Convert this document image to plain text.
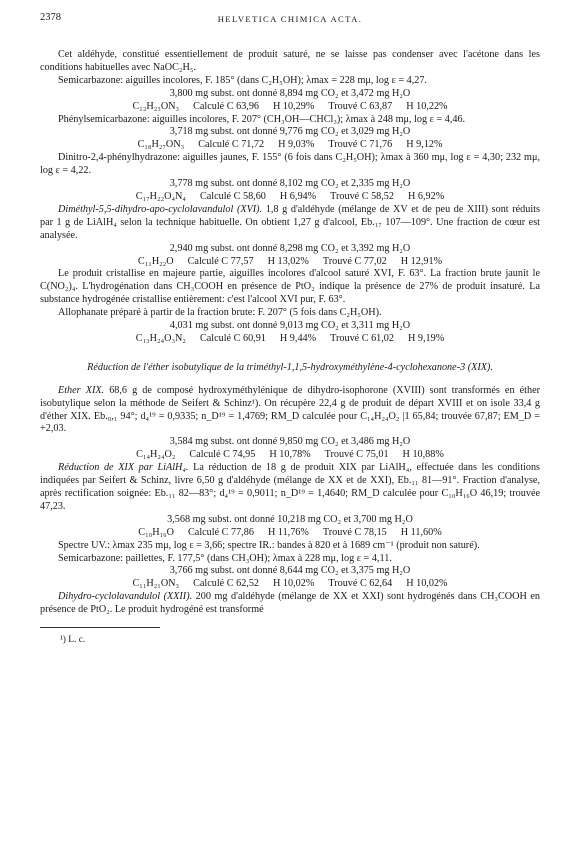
2378	HELVETICA CHIMICA ACTA.

Cet aldéhyde, constitué essentiellement de produit saturé, ne se laisse pas condenser avec l'acétone dans les conditions habituelles avec NaOC₂H₅.

Semicarbazone: aiguilles incolores, F. 185° (dans C₂H₅OH); λmax = 228 mμ, log ε = 4,27.

3,800 mg subst. ont donné 8,894 mg CO₂ et 3,472 mg H₂O

C₁₂H₂₃ON₃ Calculé C 63,96 H 10,29% Trouvé C 63,87 H 10,22%

Phénylsemicarbazone: aiguilles incolores, F. 207° (CH₃OH—CHCl₃); λmax à 248 mμ, log ε = 4,46.

3,718 mg subst. ont donné 9,776 mg CO₂ et 3,029 mg H₂O

C₁₈H₂₇ON₃ Calculé C 71,72 H 9,03% Trouvé C 71,76 H 9,12%

Dinitro-2,4-phénylhydrazone: aiguilles jaunes, F. 155° (6 fois dans C₂H₅OH); λmax à 360 mμ, log ε = 4,30; 232 mμ, log ε = 4,22.

3,778 mg subst. ont donné 8,102 mg CO₂ et 2,335 mg H₂O

C₁₇H₂₂O₄N₄ Calculé C 58,60 H 6,94% Trouvé C 58,52 H 6,92%

Diméthyl-5,5-dihydro-apo-cyclolavandulol (XVI). 1,8 g d'aldéhyde (mélange de XV et de peu de XIII) sont réduits par 1 g de LiAlH₄ selon la technique habituelle. On obtient 1,27 g d'alcool, Eb.₁₇ 107—109°. Une fraction de cœur est analysée.

2,940 mg subst. ont donné 8,298 mg CO₂ et 3,392 mg H₂O

C₁₁H₂₂O Calculé C 77,57 H 13,02% Trouvé C 77,02 H 12,91%

Le produit cristallise en majeure partie, aiguilles incolores d'alcool saturé XVI, F. 63°. La fraction brute jaunit le C(NO₂)₄. L'hydrogénation dans CH₃COOH en présence de PtO₂ indique la présence de 27% de produit insaturé. La substance hydrogénée cristallise entièrement: c'est l'alcool XVI pur, F. 63°.

Allophanate préparé à partir de la fraction brute: F. 207° (5 fois dans C₂H₅OH).

4,031 mg subst. ont donné 9,013 mg CO₂ et 3,311 mg H₂O

C₁₃H₂₄O₃N₂ Calculé C 60,91 H 9,44% Trouvé C 61,02 H 9,19%

Réduction de l'éther isobutylique de la triméthyl-1,1,5-hydroxyméthylène-4-cyclohexanone-3 (XIX).

Ether XIX. 68,6 g de composé hydroxyméthylénique de dihydro-isophorone (XVIII) sont transformés en éther isobutylique selon la méthode de Seifert & Schinz¹). On récupère 22,4 g de produit de départ XVIII et on isole 33,4 g d'éther XIX. Eb.₀,₁ 94°; d₄¹⁹ = 0,9335; n_D¹⁹ = 1,4769; RM_D calculée pour C₁₄H₂₄O₂ |1 65,84; trouvée 67,87; EM_D = +2,03.

3,584 mg subst. ont donné 9,850 mg CO₂ et 3,486 mg H₂O

C₁₄H₂₄O₂ Calculé C 74,95 H 10,78% Trouvé C 75,01 H 10,88%

Réduction de XIX par LiAlH₄. La réduction de 18 g de produit XIX par LiAlH₄, effectuée dans les conditions indiquées par Seifert & Schinz, livre 6,50 g d'aldéhyde (mélange de XX et de XXI), Eb.₁₁ 81—91°. Fraction d'analyse, après rectification soignée: Eb.₁₁ 82—83°; d₄¹⁹ = 0,9011; n_D¹⁹ = 1,4640; RM_D calculée pour C₁₀H₁₆O 46,19; trouvée 47,23.

3,568 mg subst. ont donné 10,218 mg CO₂ et 3,700 mg H₂O

C₁₀H₁₆O Calculé C 77,86 H 11,76% Trouvé C 78,15 H 11,60%

Spectre UV.: λmax 235 mμ, log ε = 3,66; spectre IR.: bandes à 820 et à 1689 cm⁻¹ (produit non saturé).

Semicarbazone: paillettes, F. 177,5° (dans CH₃OH); λmax à 228 mμ, log ε = 4,11.

3,766 mg subst. ont donné 8,644 mg CO₂ et 3,375 mg H₂O

C₁₁H₂₁ON₃ Calculé C 62,52 H 10,02% Trouvé C 62,64 H 10,02%

Dihydro-cyclolavandulol (XXII). 200 mg d'aldéhyde (mélange de XX et XXI) sont hydrogénés dans CH₃COOH en présence de PtO₂. Le produit hydrogéné est transformé

¹) L. c.
